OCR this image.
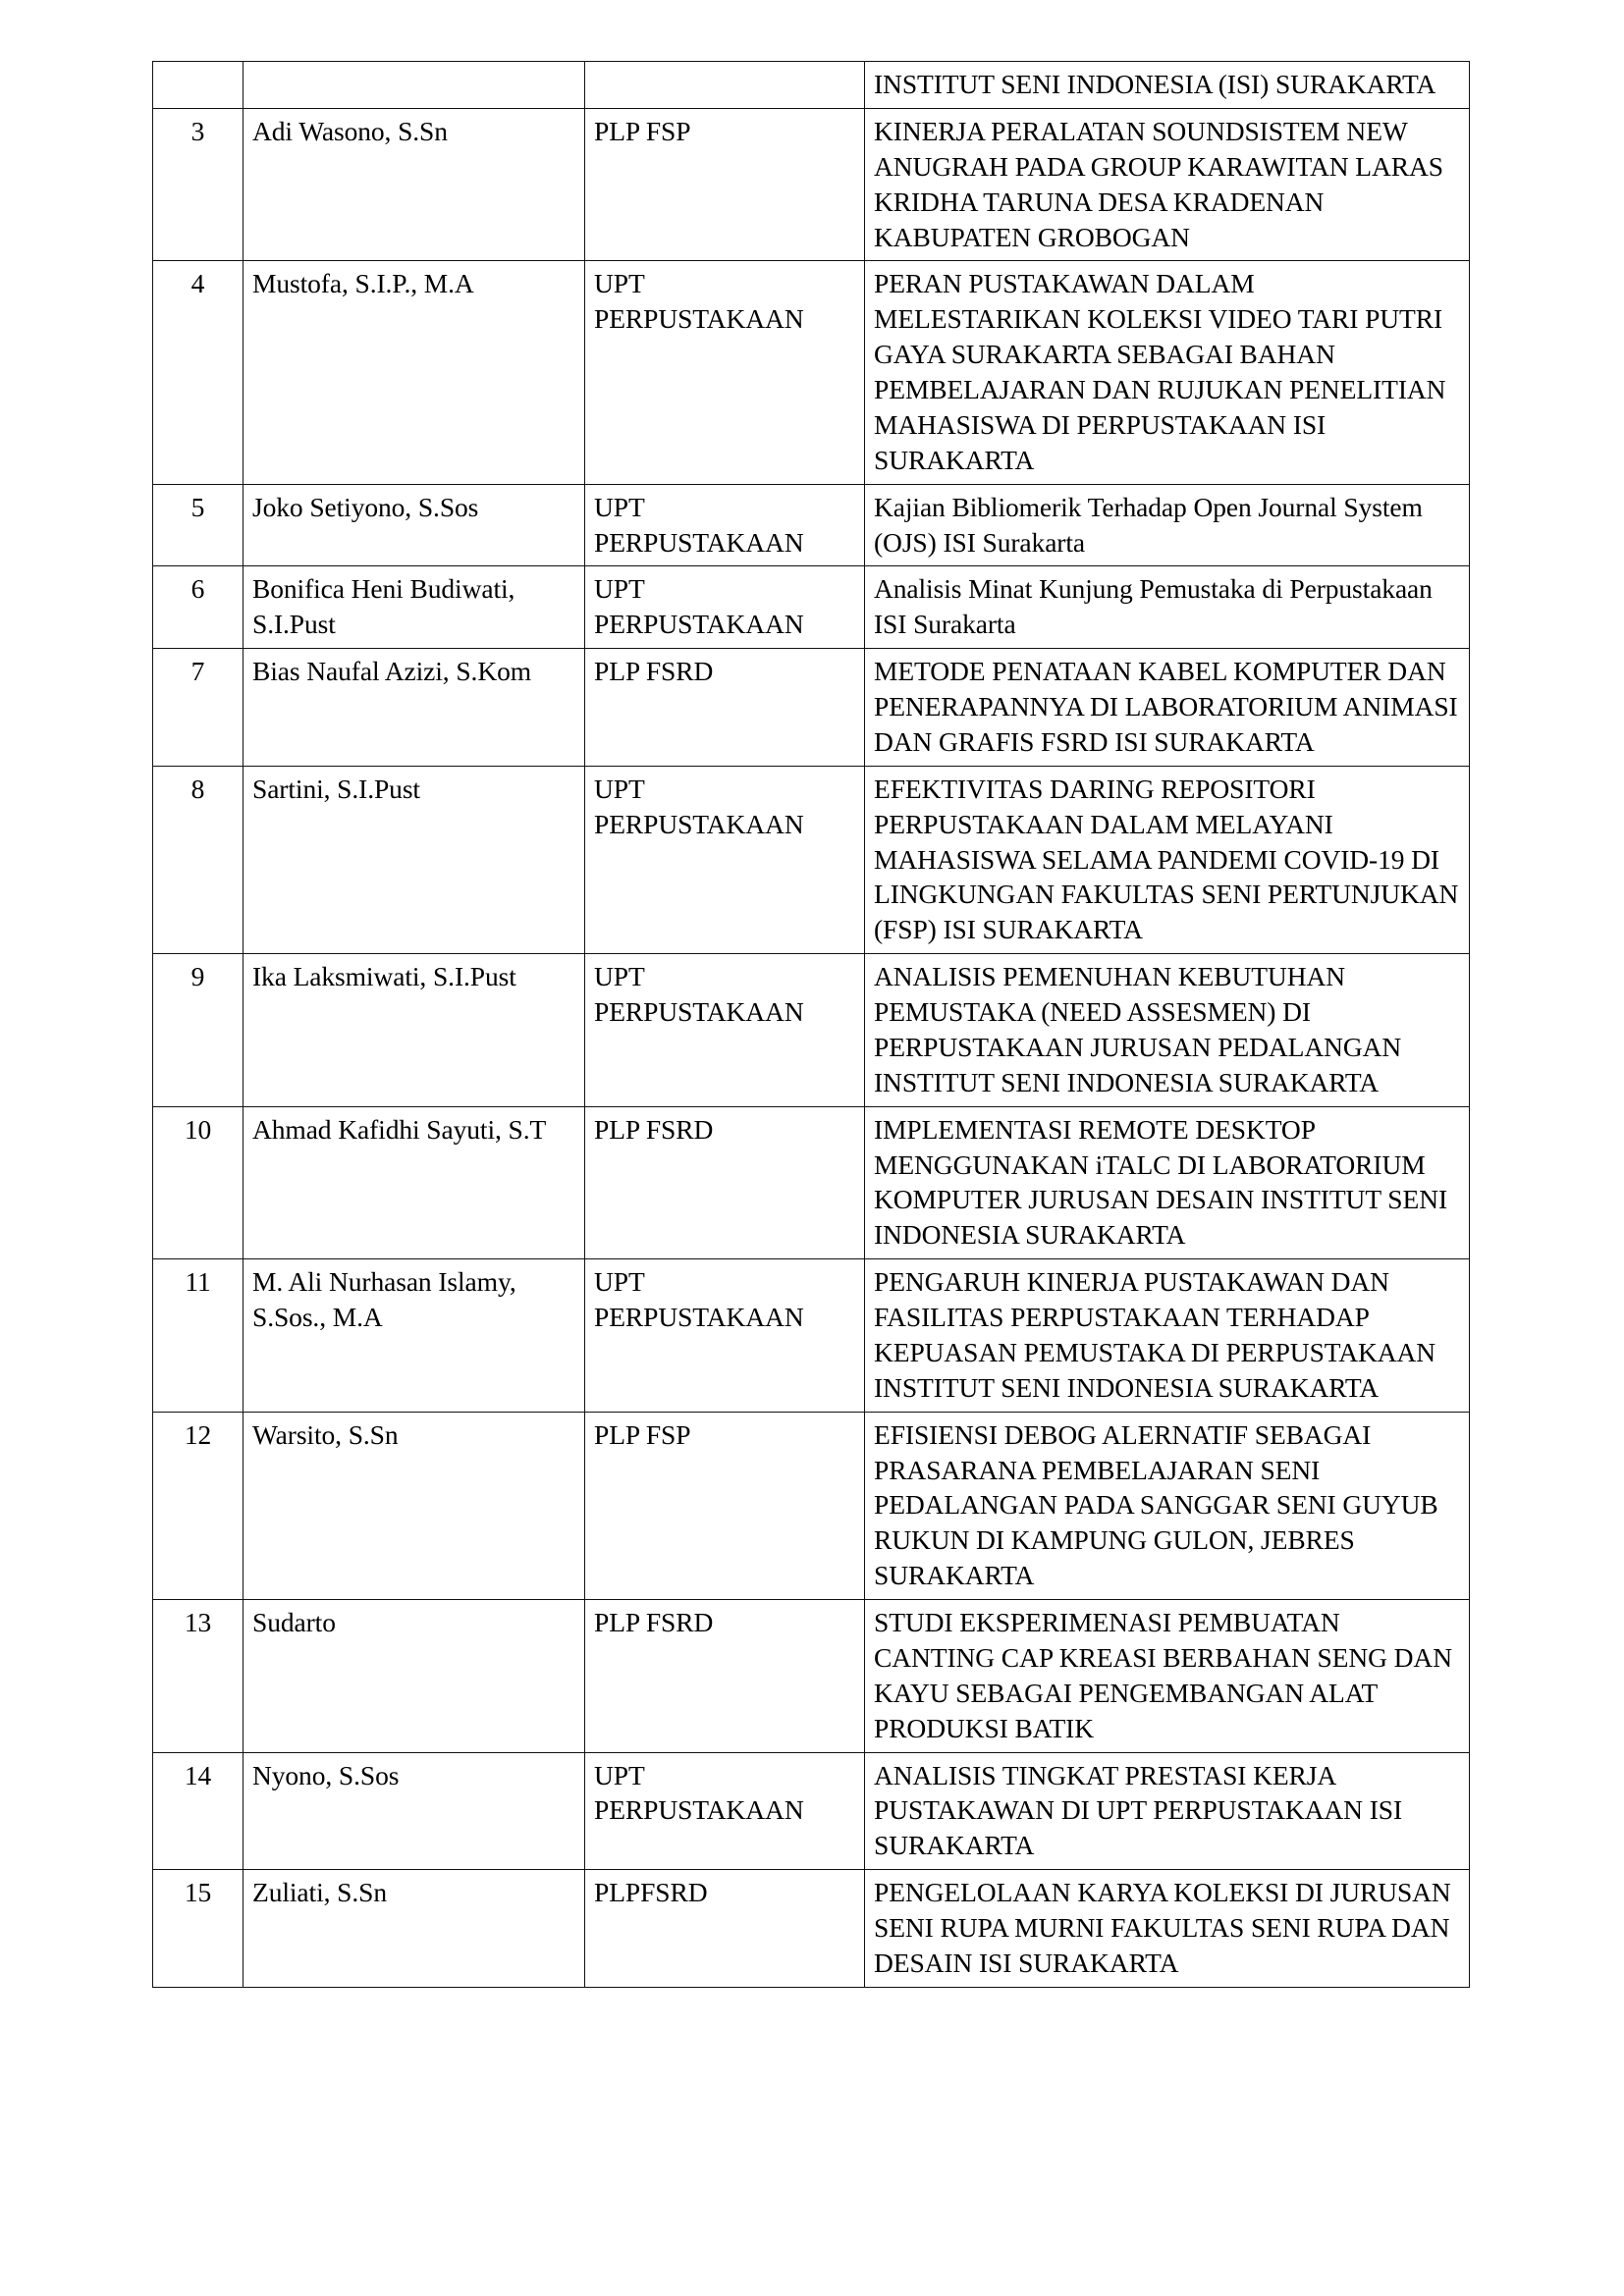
			INSTITUT SENI INDONESIA (ISI) SURAKARTA
3	Adi Wasono, S.Sn	PLP FSP	KINERJA PERALATAN SOUNDSISTEM NEW ANUGRAH PADA GROUP KARAWITAN LARAS KRIDHA TARUNA DESA KRADENAN KABUPATEN GROBOGAN
4	Mustofa, S.I.P., M.A	UPT PERPUSTAKAAN	PERAN PUSTAKAWAN DALAM MELESTARIKAN KOLEKSI VIDEO TARI PUTRI GAYA SURAKARTA SEBAGAI BAHAN PEMBELAJARAN DAN RUJUKAN PENELITIAN MAHASISWA DI PERPUSTAKAAN ISI SURAKARTA
5	Joko Setiyono, S.Sos	UPT PERPUSTAKAAN	Kajian Bibliomerik Terhadap Open Journal System (OJS) ISI Surakarta
6	Bonifica Heni Budiwati, S.I.Pust	UPT PERPUSTAKAAN	Analisis Minat Kunjung Pemustaka di Perpustakaan ISI Surakarta
7	Bias Naufal Azizi, S.Kom	PLP FSRD	METODE PENATAAN KABEL KOMPUTER DAN PENERAPANNYA DI LABORATORIUM ANIMASI DAN GRAFIS FSRD ISI SURAKARTA
8	Sartini, S.I.Pust	UPT PERPUSTAKAAN	EFEKTIVITAS DARING REPOSITORI PERPUSTAKAAN DALAM MELAYANI MAHASISWA SELAMA PANDEMI COVID-19 DI LINGKUNGAN FAKULTAS SENI PERTUNJUKAN (FSP) ISI SURAKARTA
9	Ika Laksmiwati, S.I.Pust	UPT PERPUSTAKAAN	ANALISIS PEMENUHAN KEBUTUHAN PEMUSTAKA (NEED ASSESMEN) DI PERPUSTAKAAN JURUSAN PEDALANGAN INSTITUT SENI INDONESIA SURAKARTA
10	Ahmad Kafidhi Sayuti, S.T	PLP FSRD	IMPLEMENTASI REMOTE DESKTOP MENGGUNAKAN iTALC DI LABORATORIUM KOMPUTER JURUSAN DESAIN INSTITUT SENI INDONESIA SURAKARTA
11	M. Ali Nurhasan Islamy, S.Sos., M.A	UPT PERPUSTAKAAN	PENGARUH KINERJA PUSTAKAWAN DAN FASILITAS PERPUSTAKAAN TERHADAP KEPUASAN PEMUSTAKA DI PERPUSTAKAAN INSTITUT SENI INDONESIA SURAKARTA
12	Warsito, S.Sn	PLP FSP	EFISIENSI DEBOG ALERNATIF SEBAGAI PRASARANA PEMBELAJARAN SENI PEDALANGAN PADA SANGGAR SENI GUYUB RUKUN DI KAMPUNG GULON, JEBRES SURAKARTA
13	Sudarto	PLP FSRD	STUDI EKSPERIMENASI PEMBUATAN CANTING CAP KREASI BERBAHAN SENG DAN KAYU SEBAGAI PENGEMBANGAN ALAT PRODUKSI BATIK
14	Nyono, S.Sos	UPT PERPUSTAKAAN	ANALISIS TINGKAT PRESTASI KERJA PUSTAKAWAN DI UPT PERPUSTAKAAN ISI SURAKARTA
15	Zuliati, S.Sn	PLPFSRD	PENGELOLAAN KARYA KOLEKSI DI JURUSAN SENI RUPA MURNI FAKULTAS SENI RUPA DAN DESAIN ISI SURAKARTA
